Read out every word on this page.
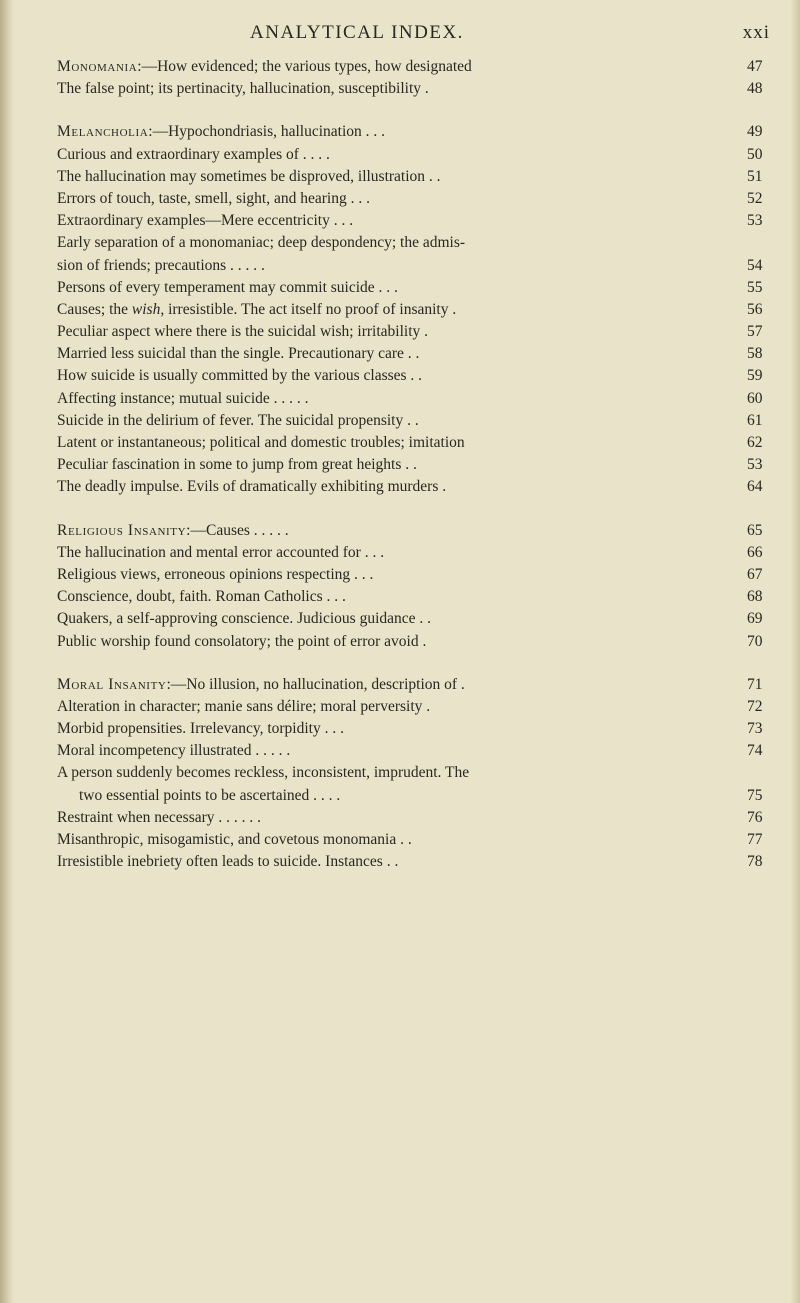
ANALYTICAL INDEX.	xxi
Monomania:—How evidenced; the various types, how designated	47
The false point; its pertinacity, hallucination, susceptibility .	48
Melancholia:—Hypochondriasis, hallucination . . .	49
Curious and extraordinary examples of . . . .	50
The hallucination may sometimes be disproved, illustration . .	51
Errors of touch, taste, smell, sight, and hearing . . .	52
Extraordinary examples—Mere eccentricity . . .	53
Early separation of a monomaniac; deep despondency; the admis-
sion of friends; precautions . . . . .	54
Persons of every temperament may commit suicide . . .	55
Causes; the wish, irresistible. The act itself no proof of insanity .	56
Peculiar aspect where there is the suicidal wish; irritability .	57
Married less suicidal than the single. Precautionary care . .	58
How suicide is usually committed by the various classes . .	59
Affecting instance; mutual suicide . . . . .	60
Suicide in the delirium of fever. The suicidal propensity . .	61
Latent or instantaneous; political and domestic troubles; imitation	62
Peculiar fascination in some to jump from great heights . .	53
The deadly impulse. Evils of dramatically exhibiting murders .	64
Religious Insanity:—Causes . . . . .	65
The hallucination and mental error accounted for . . .	66
Religious views, erroneous opinions respecting . . .	67
Conscience, doubt, faith. Roman Catholics . . .	68
Quakers, a self-approving conscience. Judicious guidance . .	69
Public worship found consolatory; the point of error avoid .	70
Moral Insanity:—No illusion, no hallucination, description of .	71
Alteration in character; manie sans délire; moral perversity .	72
Morbid propensities. Irrelevancy, torpidity . . .	73
Moral incompetency illustrated . . . . .	74
A person suddenly becomes reckless, inconsistent, imprudent. The
two essential points to be ascertained . . . .	75
Restraint when necessary . . . . . .	76
Misanthropic, misogamistic, and covetous monomania . .	77
Irresistible inebriety often leads to suicide. Instances . .	78
